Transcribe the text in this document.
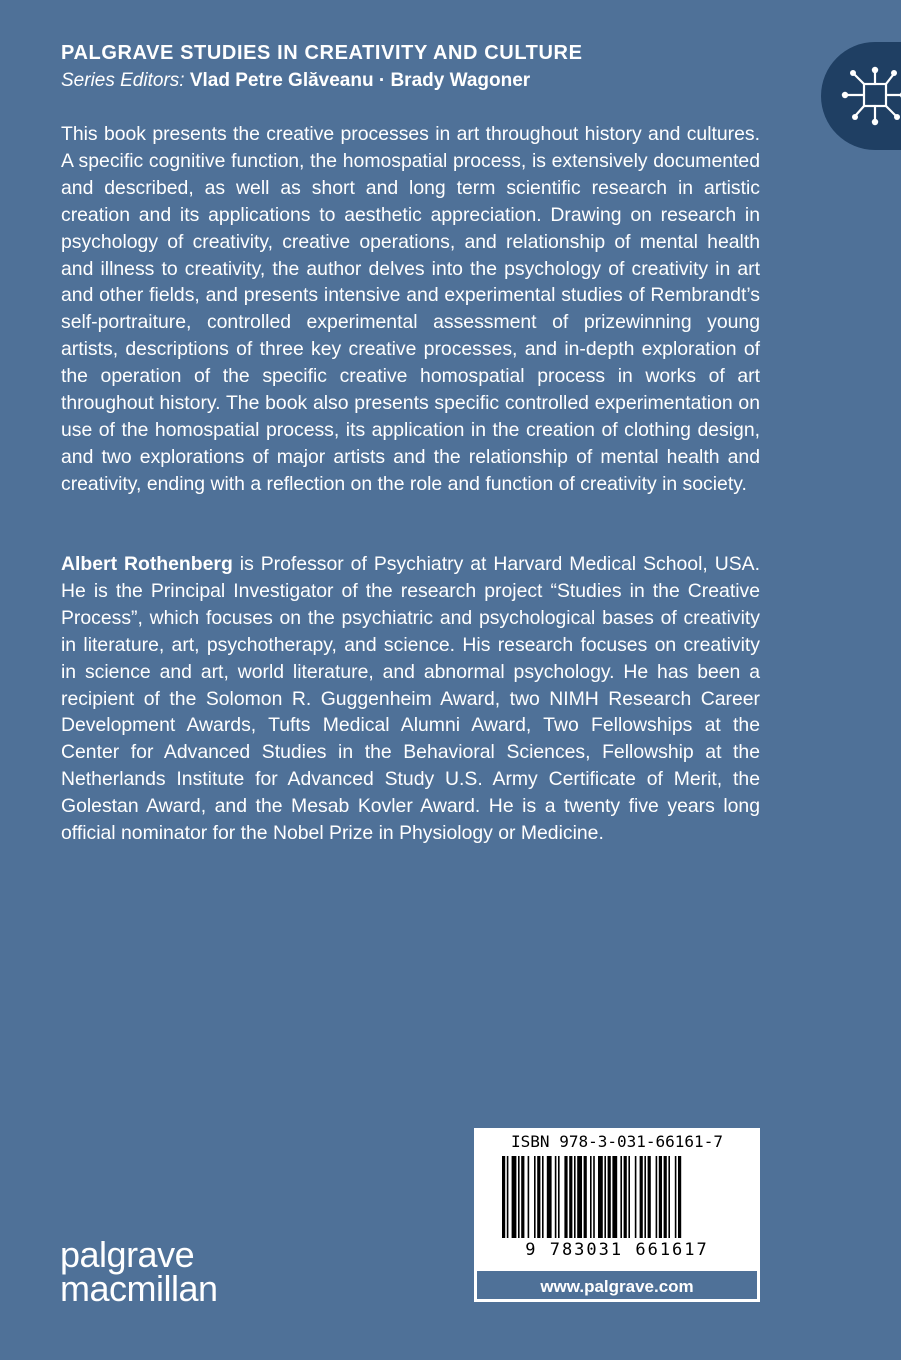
PALGRAVE STUDIES IN CREATIVITY AND CULTURE
Series Editors: Vlad Petre Glăveanu · Brady Wagoner

This book presents the creative processes in art throughout history and cultures. A specific cognitive function, the homospatial process, is extensively documented and described, as well as short and long term scientific research in artistic creation and its applications to aesthetic appreciation. Drawing on research in psychology of creativity, creative operations, and relationship of mental health and illness to creativity, the author delves into the psychology of creativity in art and other fields, and presents intensive and experimental studies of Rembrandt’s self-portraiture, controlled experimental assessment of prizewinning young artists, descriptions of three key creative processes, and in-depth exploration of the operation of the specific creative homospatial process in works of art throughout history. The book also presents specific controlled experimentation on use of the homospatial process, its application in the creation of clothing design, and two explorations of major artists and the relationship of mental health and creativity, ending with a reflection on the role and function of creativity in society.

Albert Rothenberg is Professor of Psychiatry at Harvard Medical School, USA. He is the Principal Investigator of the research project “Studies in the Creative Process”, which focuses on the psychiatric and psychological bases of creativity in literature, art, psychotherapy, and science. His research focuses on creativity in science and art, world literature, and abnormal psychology. He has been a recipient of the Solomon R. Guggenheim Award, two NIMH Research Career Development Awards, Tufts Medical Alumni Award, Two Fellowships at the Center for Advanced Studies in the Behavioral Sciences, Fellowship at the Netherlands Institute for Advanced Study U.S. Army Certificate of Merit, the Golestan Award, and the Mesab Kovler Award. He is a twenty five years long official nominator for the Nobel Prize in Physiology or Medicine.

palgrave
macmillan
ISBN 978-3-031-66161-7
9 783031 661617
www.palgrave.com
